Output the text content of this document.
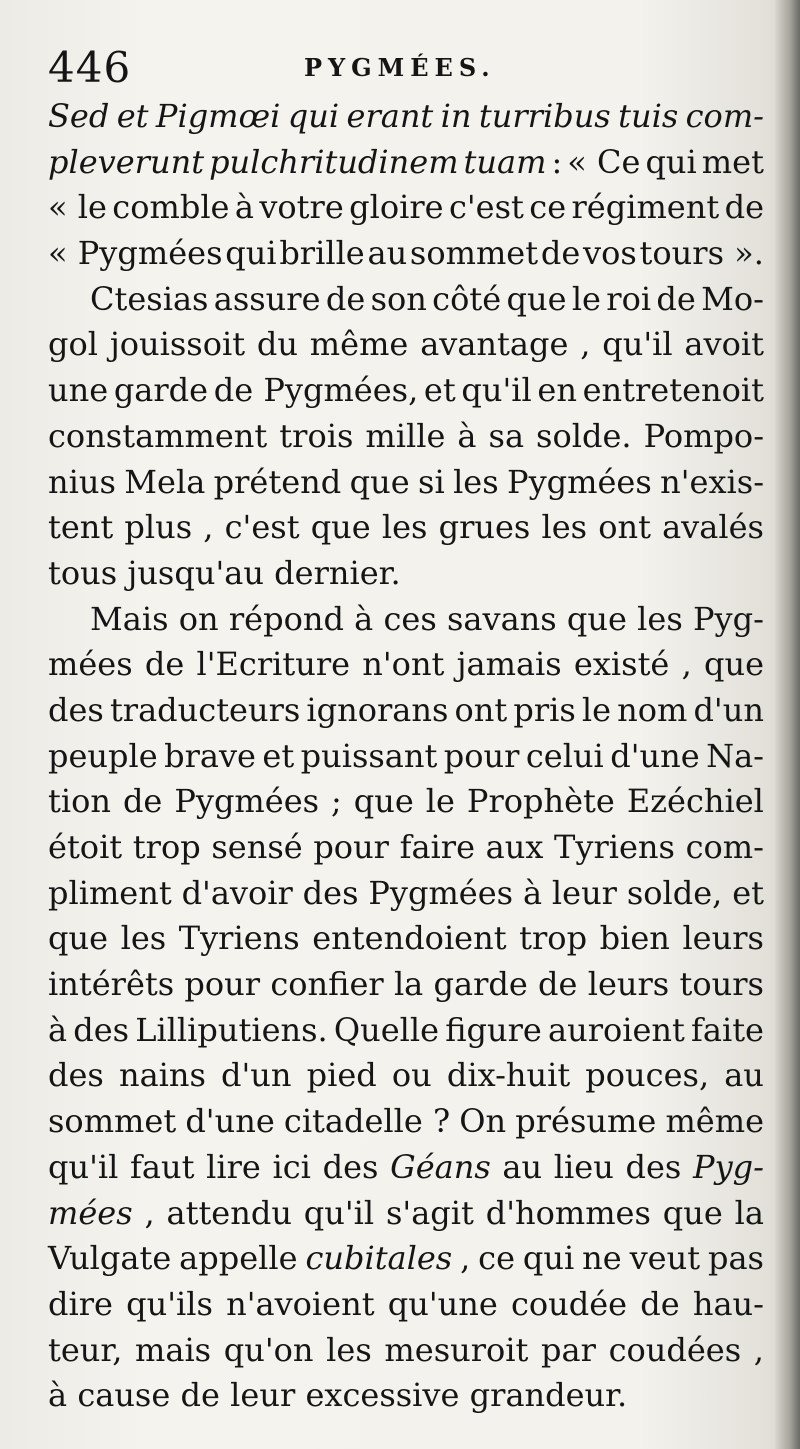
446	PYGMÉES.
Sed et Pigmœi qui erant in turribus tuis com-
pleverunt pulchritudinem tuam : « Ce qui met
« le comble à votre gloire c'est ce régiment de
« Pygmées qui brille au sommet de vos tours ».
Ctesias assure de son côté que le roi de Mo-
gol jouissoit du même avantage , qu'il avoit
une garde de Pygmées, et qu'il en entretenoit
constamment trois mille à sa solde. Pompo-
nius Mela prétend que si les Pygmées n'exis-
tent plus , c'est que les grues les ont avalés
tous jusqu'au dernier.
Mais on répond à ces savans que les Pyg-
mées de l'Ecriture n'ont jamais existé , que
des traducteurs ignorans ont pris le nom d'un
peuple brave et puissant pour celui d'une Na-
tion de Pygmées ; que le Prophète Ezéchiel
étoit trop sensé pour faire aux Tyriens com-
pliment d'avoir des Pygmées à leur solde, et
que les Tyriens entendoient trop bien leurs
intérêts pour confier la garde de leurs tours
à des Lilliputiens. Quelle figure auroient faite
des nains d'un pied ou dix-huit pouces, au
sommet d'une citadelle ? On présume même
qu'il faut lire ici des Géans au lieu des Pyg-
mées , attendu qu'il s'agit d'hommes que la
Vulgate appelle cubitales , ce qui ne veut pas
dire qu'ils n'avoient qu'une coudée de hau-
teur, mais qu'on les mesuroit par coudées ,
à cause de leur excessive grandeur.
